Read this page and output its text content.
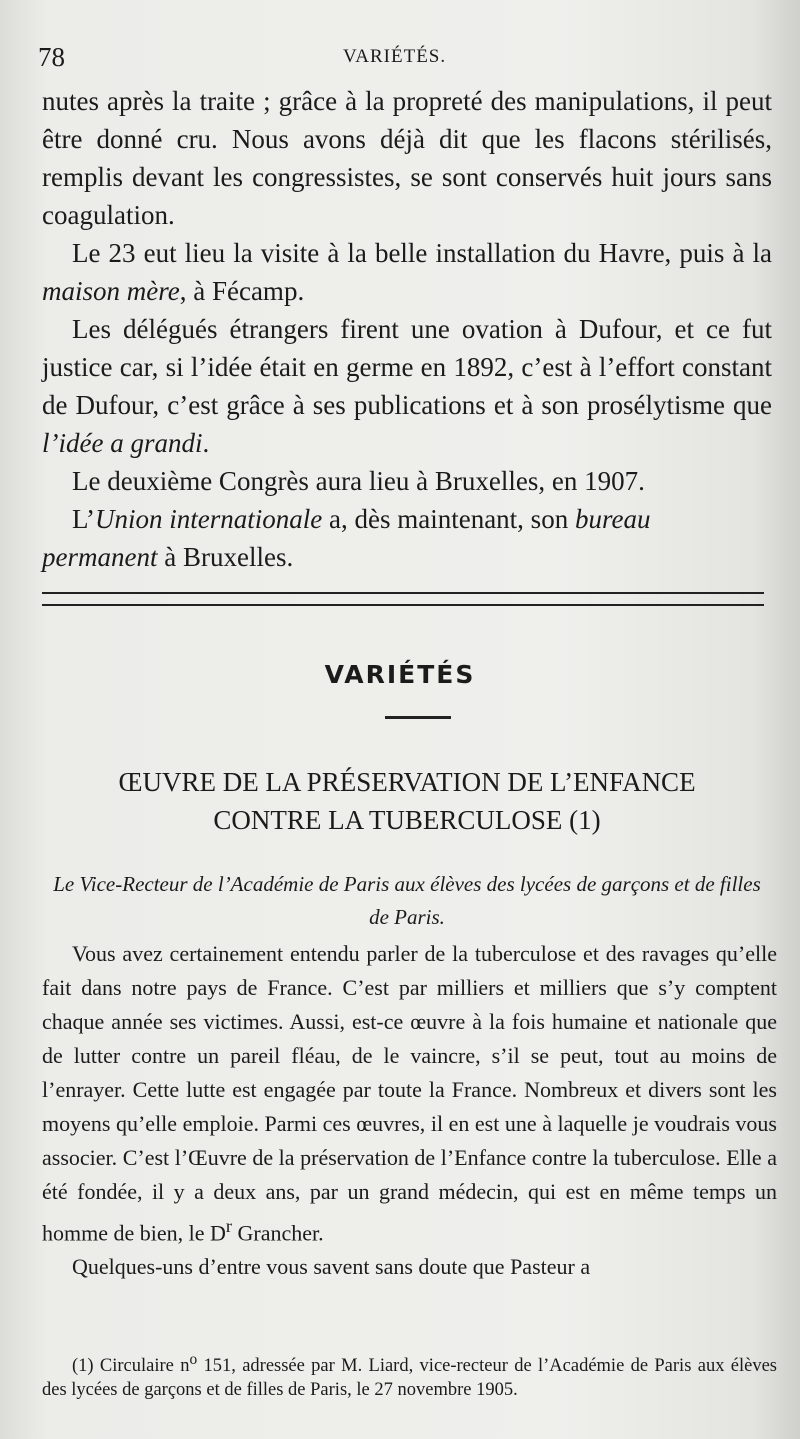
78	VARIÉTÉS.

nutes après la traite ; grâce à la propreté des manipulations, il peut être donné cru. Nous avons déjà dit que les flacons stérilisés, remplis devant les congressistes, se sont conservés huit jours sans coagulation.

Le 23 eut lieu la visite à la belle installation du Havre, puis à la maison mère, à Fécamp.

Les délégués étrangers firent une ovation à Dufour, et ce fut justice car, si l’idée était en germe en 1892, c’est à l’effort constant de Dufour, c’est grâce à ses publications et à son prosélytisme que l’idée a grandi.

Le deuxième Congrès aura lieu à Bruxelles, en 1907.

L’Union internationale a, dès maintenant, son bureau permanent à Bruxelles.

VARIÉTÉS
ŒUVRE DE LA PRÉSERVATION DE L’ENFANCE
CONTRE LA TUBERCULOSE (1)
Le Vice-Recteur de l’Académie de Paris aux élèves des lycées de garçons et de filles de Paris.

Vous avez certainement entendu parler de la tuberculose et des ravages qu’elle fait dans notre pays de France. C’est par milliers et milliers que s’y comptent chaque année ses victimes. Aussi, est-ce œuvre à la fois humaine et nationale que de lutter contre un pareil fléau, de le vaincre, s’il se peut, tout au moins de l’enrayer. Cette lutte est engagée par toute la France. Nombreux et divers sont les moyens qu’elle emploie. Parmi ces œuvres, il en est une à laquelle je voudrais vous associer. C’est l’Œuvre de la préservation de l’Enfance contre la tuberculose. Elle a été fondée, il y a deux ans, par un grand médecin, qui est en même temps un homme de bien, le $D^r$ Grancher.

Quelques-uns d’entre vous savent sans doute que Pasteur a

(1) Circulaire $n^o$ 151, adressée par M. Liard, vice-recteur de l’Académie de Paris aux élèves des lycées de garçons et de filles de Paris, le 27 novembre 1905.
